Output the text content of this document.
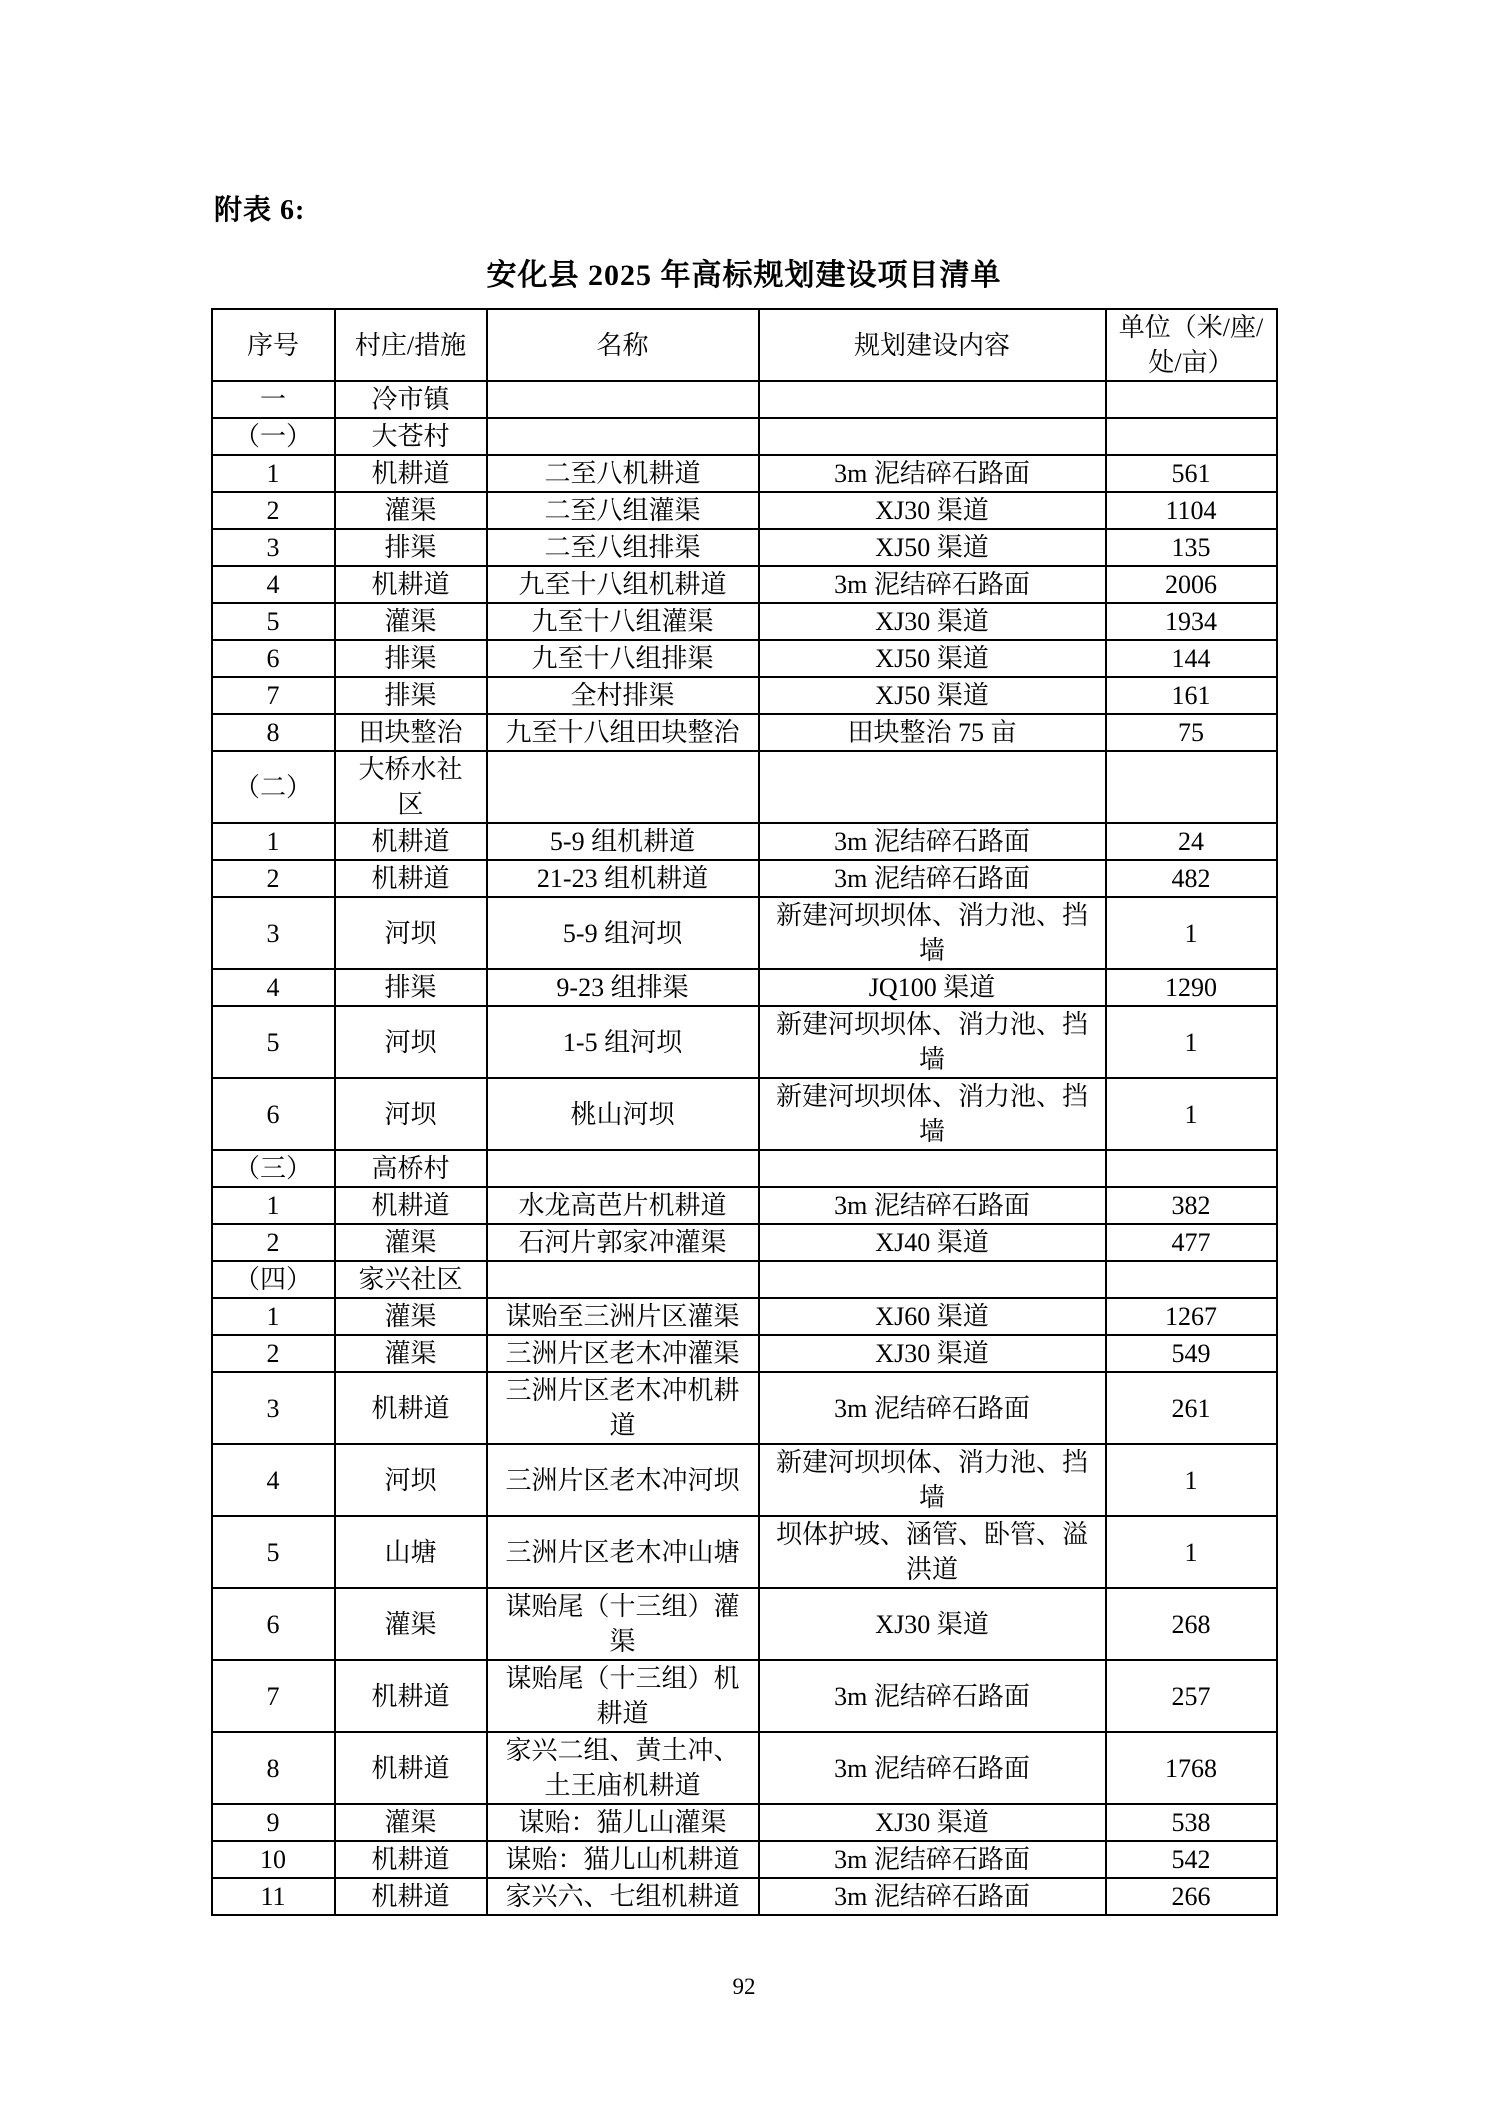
附表 6:
安化县 2025 年高标规划建设项目清单
序号	村庄/措施	名称	规划建设内容	单位（米/座/处/亩）
一	冷市镇			
（一）	大苍村			
1	机耕道	二至八机耕道	3m 泥结碎石路面	561
2	灌渠	二至八组灌渠	XJ30 渠道	1104
3	排渠	二至八组排渠	XJ50 渠道	135
4	机耕道	九至十八组机耕道	3m 泥结碎石路面	2006
5	灌渠	九至十八组灌渠	XJ30 渠道	1934
6	排渠	九至十八组排渠	XJ50 渠道	144
7	排渠	全村排渠	XJ50 渠道	161
8	田块整治	九至十八组田块整治	田块整治 75 亩	75
（二）	大桥水社区			
1	机耕道	5-9 组机耕道	3m 泥结碎石路面	24
2	机耕道	21-23 组机耕道	3m 泥结碎石路面	482
3	河坝	5-9 组河坝	新建河坝坝体、消力池、挡墙	1
4	排渠	9-23 组排渠	JQ100 渠道	1290
5	河坝	1-5 组河坝	新建河坝坝体、消力池、挡墙	1
6	河坝	桃山河坝	新建河坝坝体、消力池、挡墙	1
（三）	高桥村			
1	机耕道	水龙高芭片机耕道	3m 泥结碎石路面	382
2	灌渠	石河片郭家冲灌渠	XJ40 渠道	477
（四）	家兴社区			
1	灌渠	谋贻至三洲片区灌渠	XJ60 渠道	1267
2	灌渠	三洲片区老木冲灌渠	XJ30 渠道	549
3	机耕道	三洲片区老木冲机耕道	3m 泥结碎石路面	261
4	河坝	三洲片区老木冲河坝	新建河坝坝体、消力池、挡墙	1
5	山塘	三洲片区老木冲山塘	坝体护坡、涵管、卧管、溢洪道	1
6	灌渠	谋贻尾（十三组）灌渠	XJ30 渠道	268
7	机耕道	谋贻尾（十三组）机耕道	3m 泥结碎石路面	257
8	机耕道	家兴二组、黄土冲、土王庙机耕道	3m 泥结碎石路面	1768
9	灌渠	谋贻：猫儿山灌渠	XJ30 渠道	538
10	机耕道	谋贻：猫儿山机耕道	3m 泥结碎石路面	542
11	机耕道	家兴六、七组机耕道	3m 泥结碎石路面	266
92
